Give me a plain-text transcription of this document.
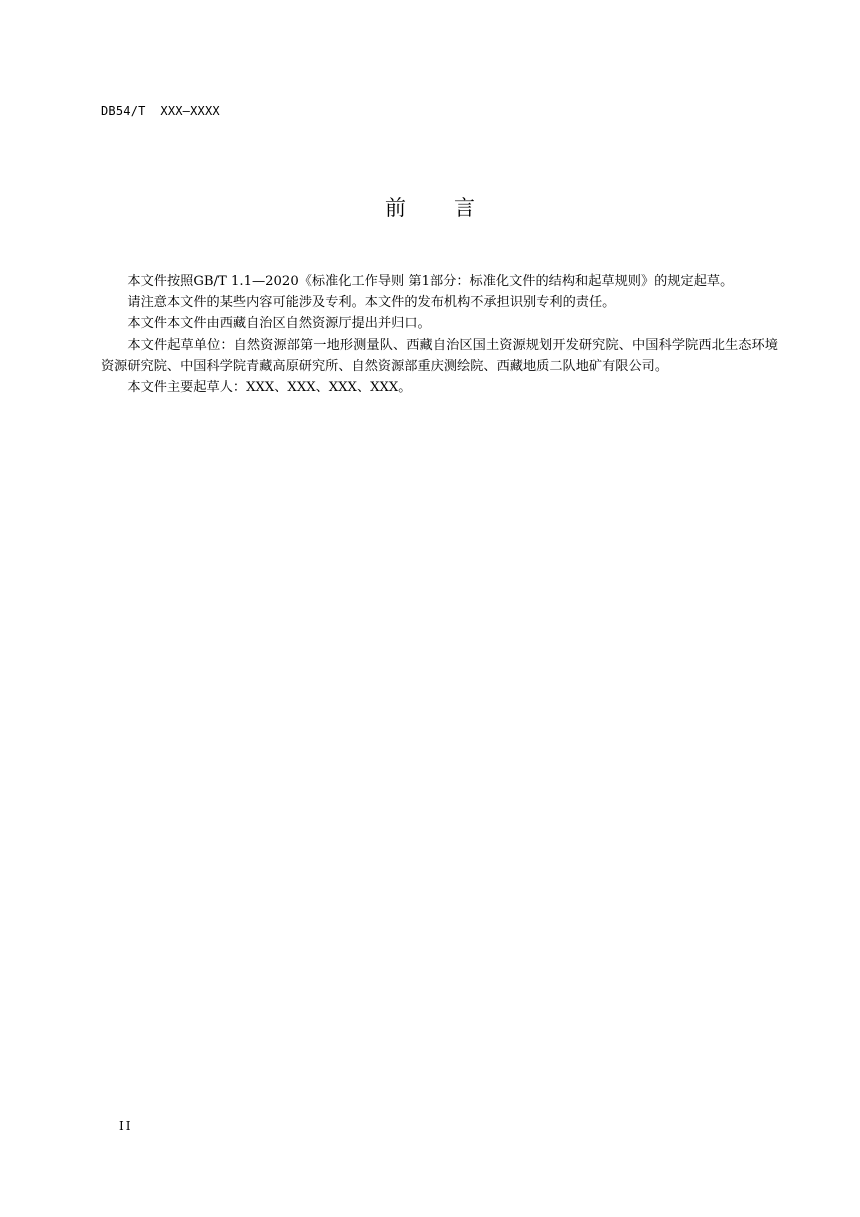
DB54/T  XXX—XXXX
前言

本文件按照GB/T 1.1—2020《标准化工作导则 第1部分：标准化文件的结构和起草规则》的规定起草。

请注意本文件的某些内容可能涉及专利。本文件的发布机构不承担识别专利的责任。

本文件本文件由西藏自治区自然资源厅提出并归口。

本文件起草单位：自然资源部第一地形测量队、西藏自治区国土资源规划开发研究院、中国科学院西北生态环境资源研究院、中国科学院青藏高原研究所、自然资源部重庆测绘院、西藏地质二队地矿有限公司。

本文件主要起草人：XXX、XXX、XXX、XXX。

II
